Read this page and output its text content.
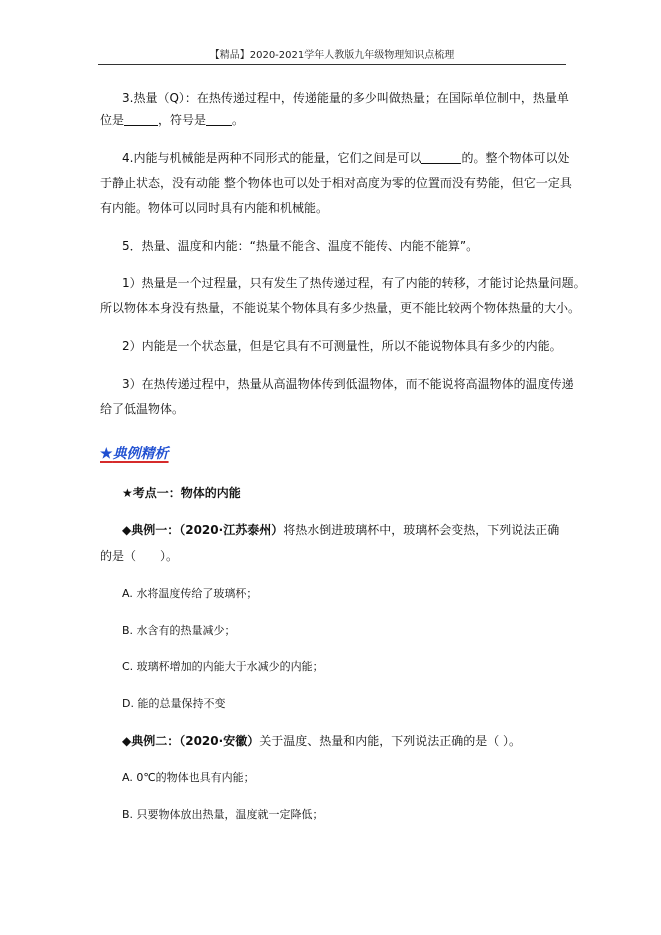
【精品】2020-2021学年人教版九年级物理知识点梳理
3.热量（Q）：在热传递过程中，传递能量的多少叫做热量；在国际单位制中，热量单
位是	，符号是 。
4.内能与机械能是两种不同形式的能量，它们之间是可以	的。整个物体可以处
于静止状态，没有动能 整个物体也可以处于相对高度为零的位置而没有势能，但它一定具
有内能。物体可以同时具有内能和机械能。
5．热量、温度和内能：“热量不能含、温度不能传、内能不能算”。
1）热量是一个过程量，只有发生了热传递过程，有了内能的转移，才能讨论热量问题。
所以物体本身没有热量，不能说某个物体具有多少热量，更不能比较两个物体热量的大小。
2）内能是一个状态量，但是它具有不可测量性，所以不能说物体具有多少的内能。
3）在热传递过程中，热量从高温物体传到低温物体，而不能说将高温物体的温度传递
给了低温物体。
★典例精析
★考点一：物体的内能
◆典例一：（2020·江苏泰州）将热水倒进玻璃杯中，玻璃杯会变热，下列说法正确
的是（　　）。
A. 水将温度传给了玻璃杯；
B. 水含有的热量减少；
C. 玻璃杯增加的内能大于水减少的内能；
D. 能的总量保持不变
◆典例二：（2020·安徽）关于温度、热量和内能，下列说法正确的是（ ）。
A. 0℃的物体也具有内能；
B. 只要物体放出热量，温度就一定降低；
